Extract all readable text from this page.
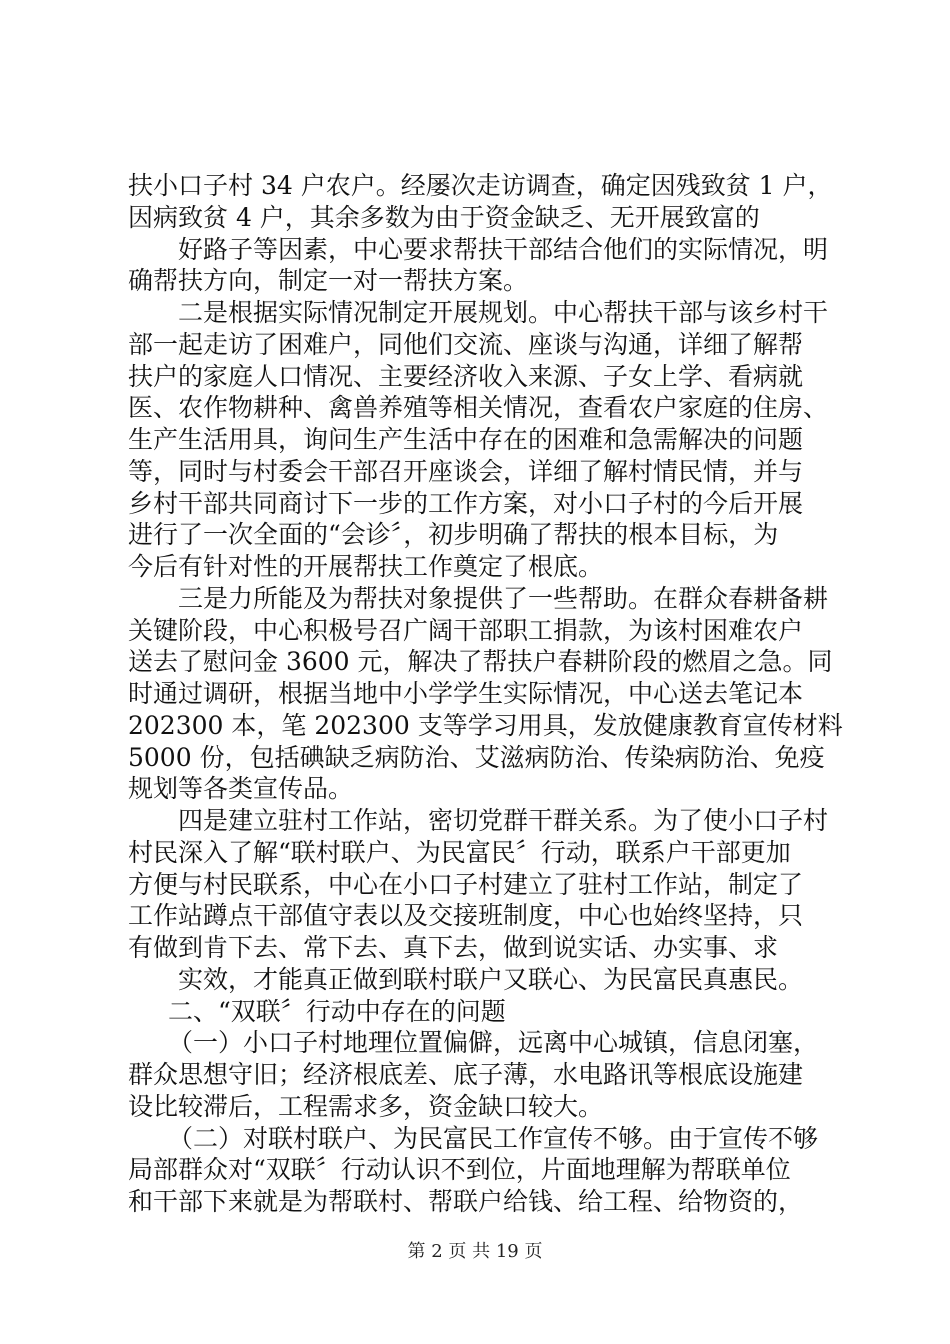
扶小口子村 34 户农户。经屡次走访调查，确定因残致贫 1 户，
因病致贫 4 户，其余多数为由于资金缺乏、无开展致富的
好路子等因素，中心要求帮扶干部结合他们的实际情况，明
确帮扶方向，制定一对一帮扶方案。
二是根据实际情况制定开展规划。中心帮扶干部与该乡村干
部一起走访了困难户，同他们交流、座谈与沟通，详细了解帮
扶户的家庭人口情况、主要经济收入来源、子女上学、看病就
医、农作物耕种、禽兽养殖等相关情况，查看农户家庭的住房、
生产生活用具，询问生产生活中存在的困难和急需解决的问题
等，同时与村委会干部召开座谈会，详细了解村情民情，并与
乡村干部共同商讨下一步的工作方案，对小口子村的今后开展
进行了一次全面的“会诊〞，初步明确了帮扶的根本目标，为
今后有针对性的开展帮扶工作奠定了根底。
三是力所能及为帮扶对象提供了一些帮助。在群众春耕备耕
关键阶段，中心积极号召广阔干部职工捐款，为该村困难农户
送去了慰问金 3600 元，解决了帮扶户春耕阶段的燃眉之急。同
时通过调研，根据当地中小学学生实际情况，中心送去笔记本
202300 本，笔 202300 支等学习用具，发放健康教育宣传材料
5000 份，包括碘缺乏病防治、艾滋病防治、传染病防治、免疫
规划等各类宣传品。
四是建立驻村工作站，密切党群干群关系。为了使小口子村
村民深入了解“联村联户、为民富民〞行动，联系户干部更加
方便与村民联系，中心在小口子村建立了驻村工作站，制定了
工作站蹲点干部值守表以及交接班制度，中心也始终坚持，只
有做到肯下去、常下去、真下去，做到说实话、办实事、求
实效，才能真正做到联村联户又联心、为民富民真惠民。
二、“双联〞行动中存在的问题
（一）小口子村地理位置偏僻，远离中心城镇，信息闭塞，
群众思想守旧；经济根底差、底子薄，水电路讯等根底设施建
设比较滞后，工程需求多，资金缺口较大。
（二）对联村联户、为民富民工作宣传不够。由于宣传不够
局部群众对“双联〞行动认识不到位，片面地理解为帮联单位
和干部下来就是为帮联村、帮联户给钱、给工程、给物资的，
第 2 页 共 19 页
